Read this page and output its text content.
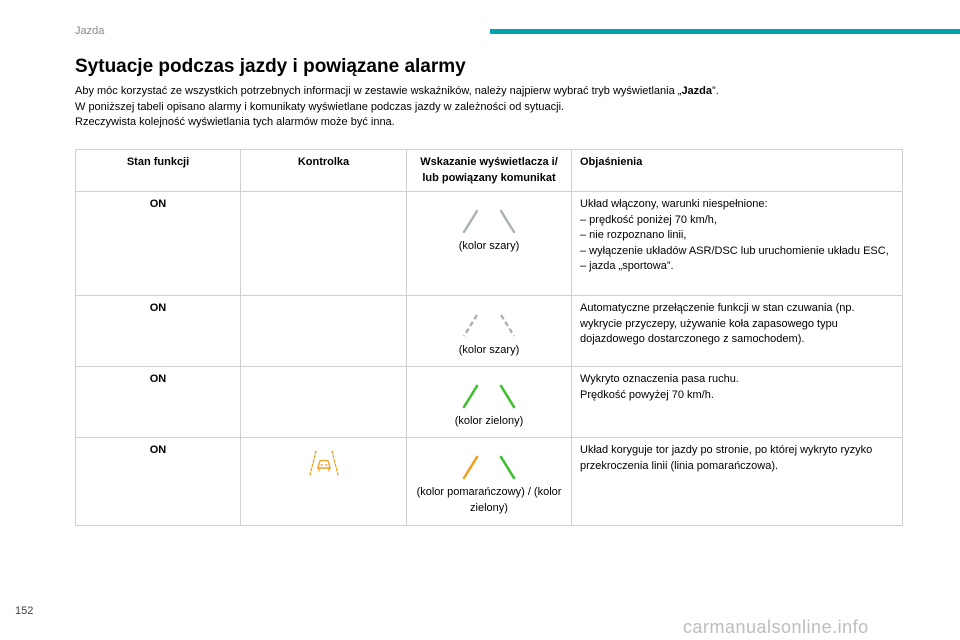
Jazda
Sytuacje podczas jazdy i powiązane alarmy

Aby móc korzystać ze wszystkich potrzebnych informacji w zestawie wskaźników, należy najpierw wybrać tryb wyświetlania „Jazda”.

W poniższej tabeli opisano alarmy i komunikaty wyświetlane podczas jazdy w zależności od sytuacji.

Rzeczywista kolejność wyświetlania tych alarmów może być inna.

Stan funkcji	Kontrolka	Wskazanie wyświetlacza i/ lub powiązany komunikat	Objaśnienia
ON		(kolor szary)	Układ włączony, warunki niespełnione:
– prędkość poniżej 70 km/h,
– nie rozpoznano linii,
– wyłączenie układów ASR/DSC lub uruchomienie układu ESC,
– jazda „sportowa”.

ON		(kolor szary)	Automatyczne przełączenie funkcji w stan czuwania (np. wykrycie przyczepy, używanie koła zapasowego typu dojazdowego dostarczonego z samochodem).

ON		(kolor zielony)	Wykryto oznaczenia pasa ruchu.
Prędkość powyżej 70 km/h.

ON		(kolor pomarańczowy) / (kolor zielony)	Układ koryguje tor jazdy po stronie, po której wykryto ryzyko przekroczenia linii (linia pomarańczowa).
152
carmanualsonline.info
